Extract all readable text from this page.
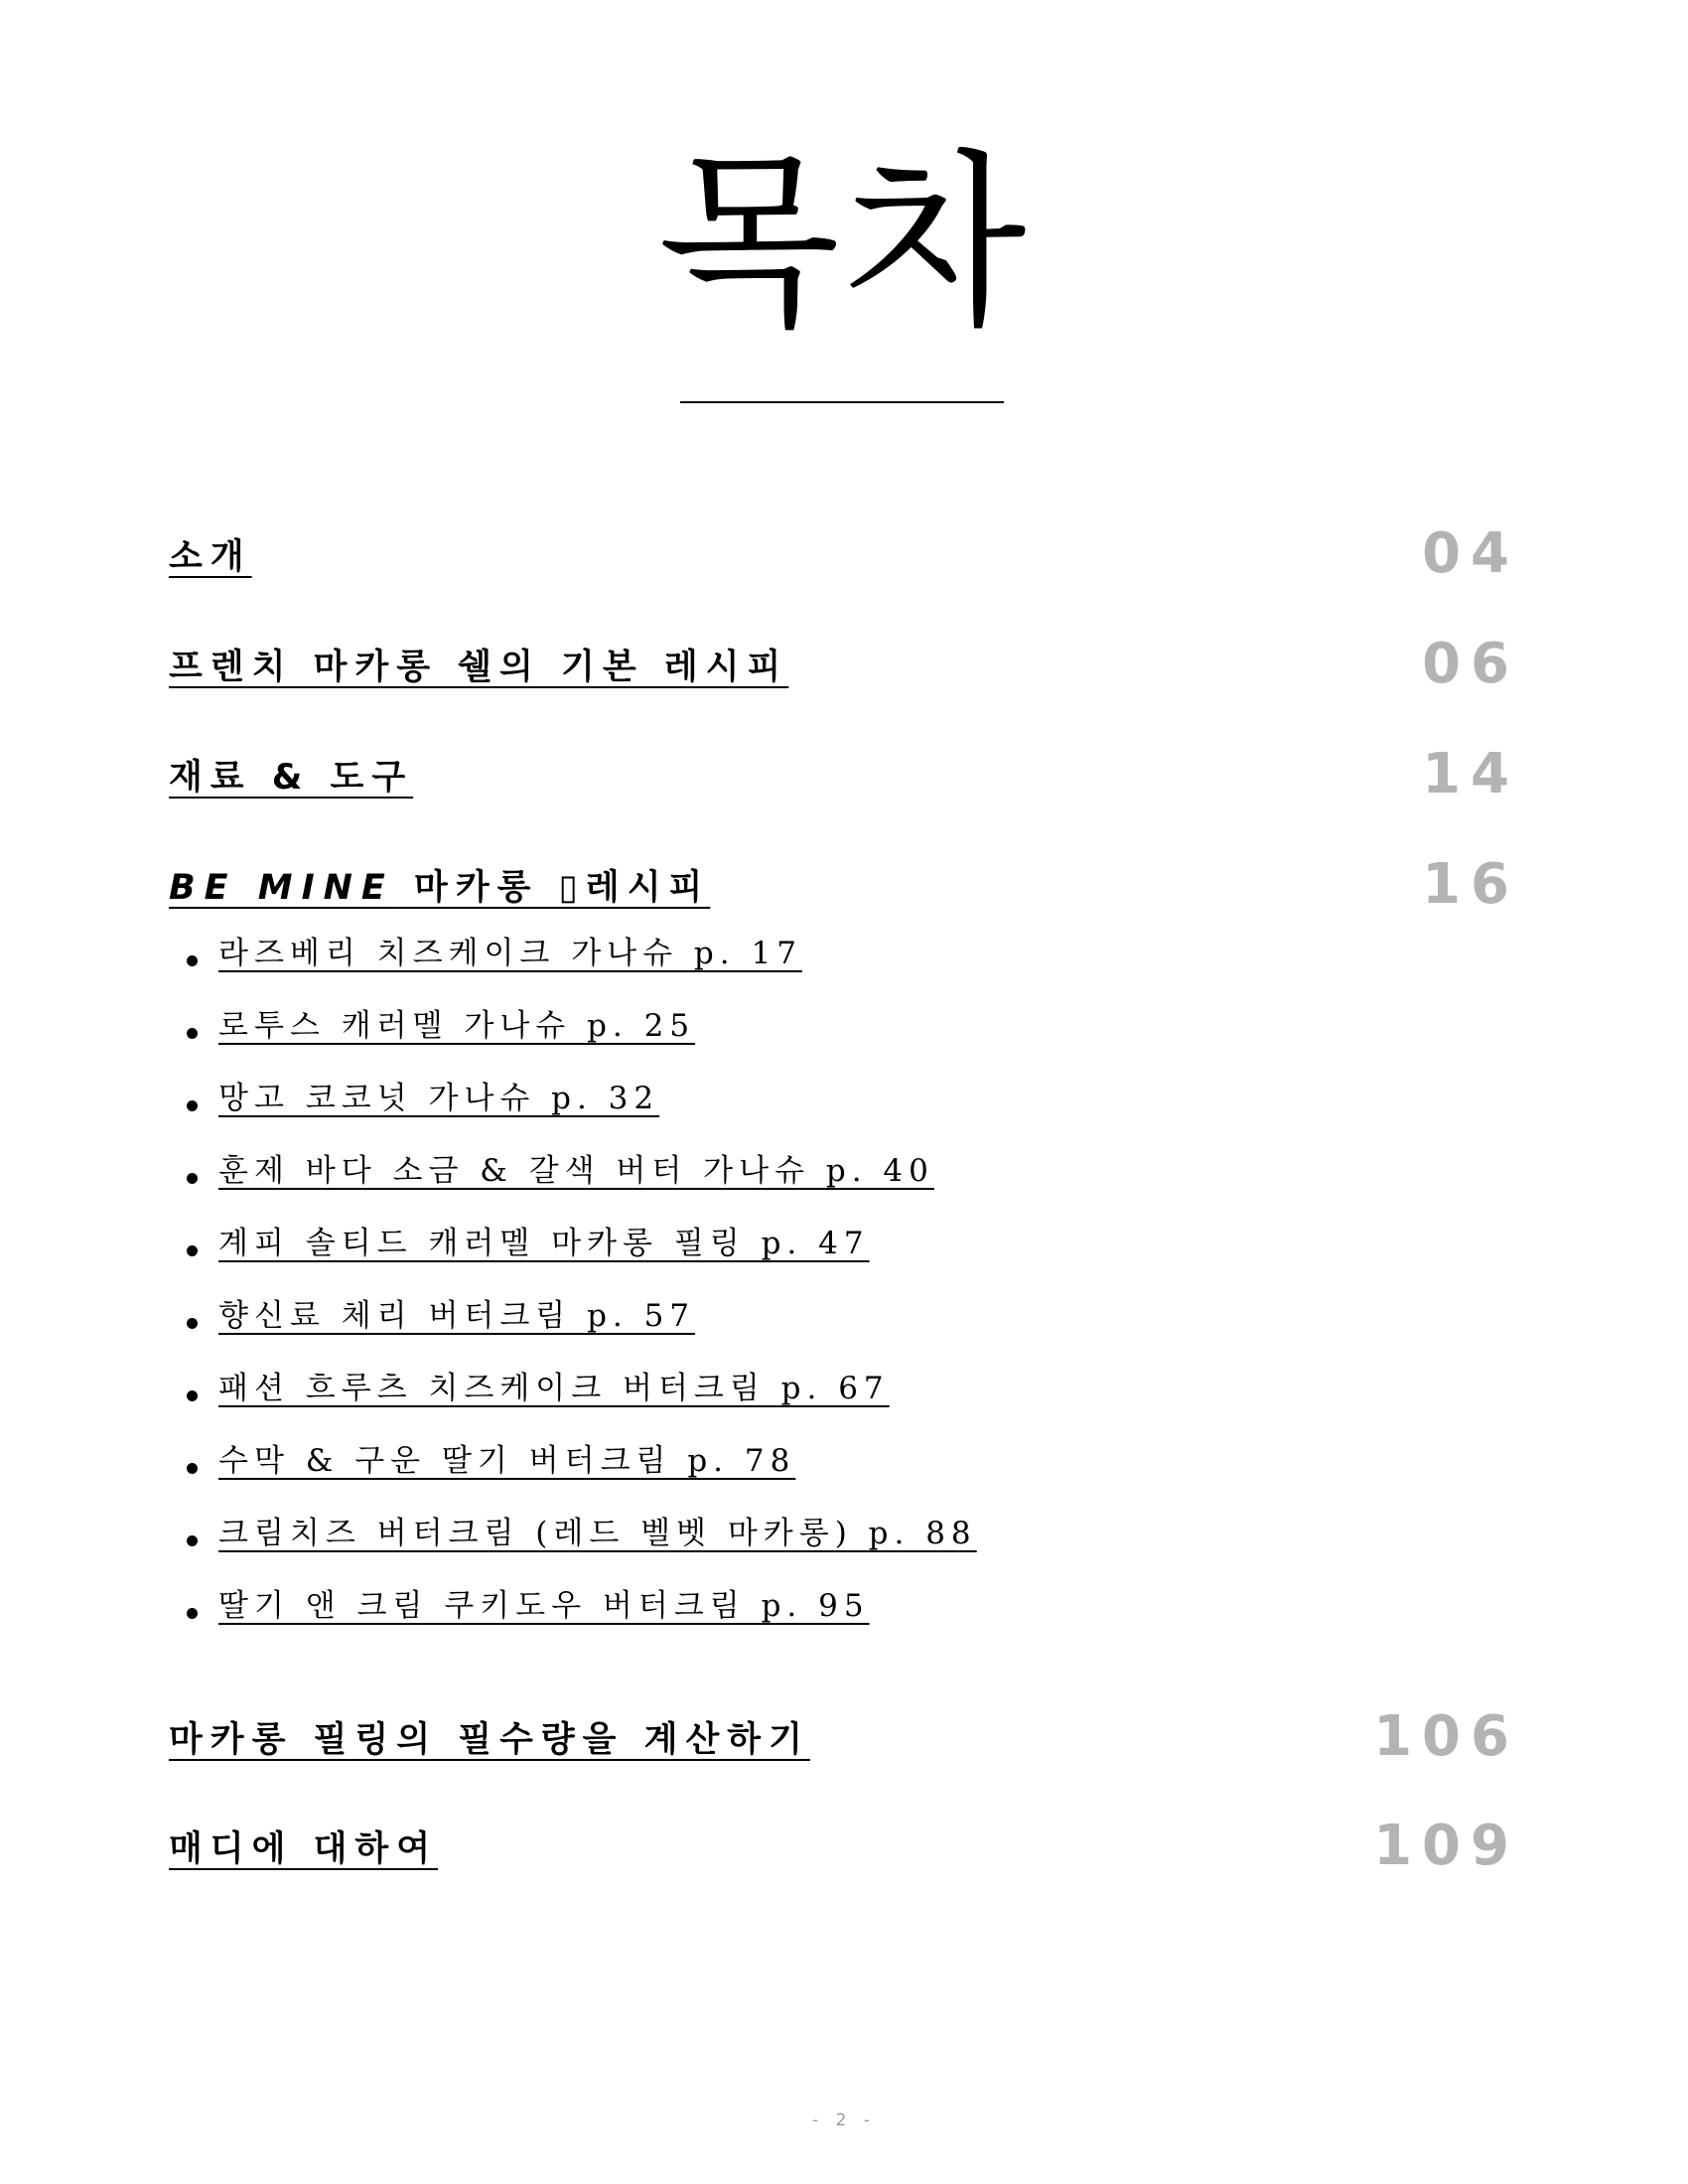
목차
소개	04
프렌치 마카롱 쉘의 기본 레시피	06
재료 & 도구	14
BE MINE 마카롱 ▯레시피	16
라즈베리 치즈케이크 가나슈 p. 17
로투스 캐러멜 가나슈 p. 25
망고 코코넛 가나슈 p. 32
훈제 바다 소금 & 갈색 버터 가나슈 p. 40
계피 솔티드 캐러멜 마카롱 필링 p. 47
향신료 체리 버터크림 p. 57
패션 흐루츠 치즈케이크 버터크림 p. 67
수막 & 구운 딸기 버터크림 p. 78
크림치즈 버터크림 (레드 벨벳 마카롱) p. 88
딸기 앤 크림 쿠키도우 버터크림 p. 95
마카롱 필링의 필수량을 계산하기	106
매디에 대하여	109
- 2 -
